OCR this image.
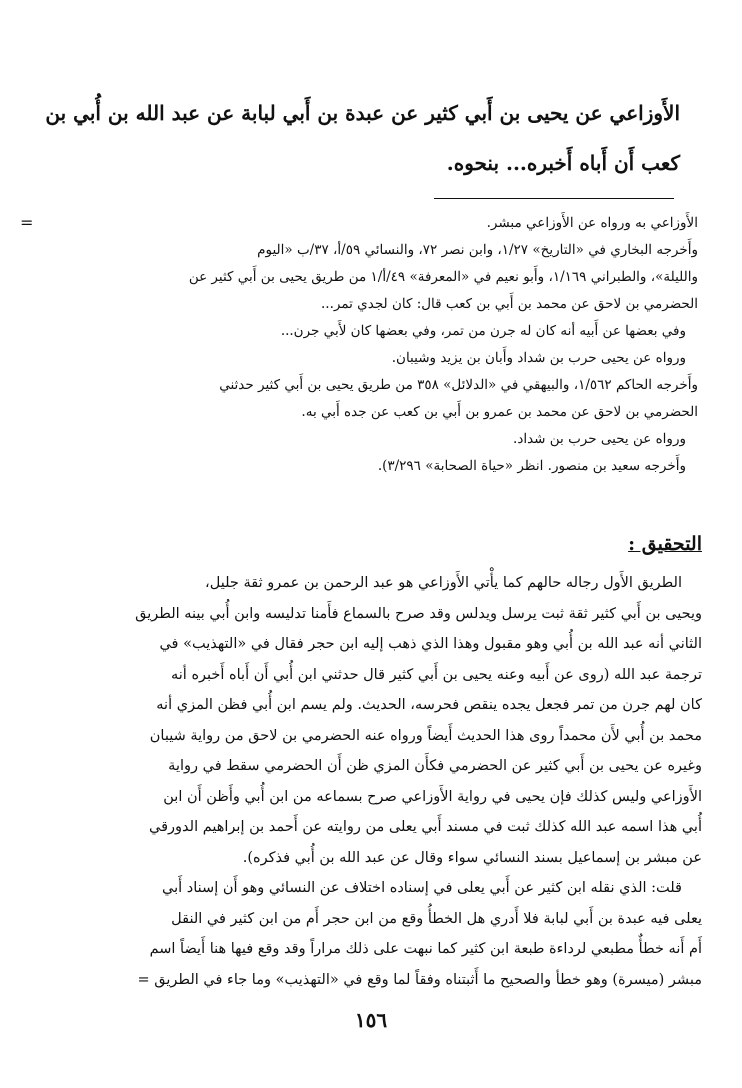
الأَوزاعي عن يحيى بن أَبي كثير عن عبدة بن أَبي لبابة عن عبد الله بن أُبي بن
كعب أَن أَباه أَخبره... بنحوه.

=	الأَوزاعي به ورواه عن الأَوزاعي مبشر.
وأَخرجه البخاري في «التاريخ» ١/٢٧، وابن نصر ٧٢، والنسائي ٥٩/أ، ٣٧/ب «اليوم
والليلة»، والطبراني ١/١٦٩، وأَبو نعيم في «المعرفة» ٤٩/أ/١ من طريق يحيى بن أَبي كثير عن
الحضرمي بن لاحق عن محمد بن أَبي بن كعب قال: كان لجدي تمر...
وفي بعضها عن أَبيه أنه كان له جرن من تمر، وفي بعضها كان لأَبي جرن...
ورواه عن يحيى حرب بن شداد وأَبان بن يزيد وشيبان.
وأَخرجه الحاكم ١/٥٦٢، والبيهقي في «الدلائل» ٣٥٨ من طريق يحيى بن أَبي كثير حدثني
الحضرمي بن لاحق عن محمد بن عمرو بن أَبي بن كعب عن جده أَبي به.
ورواه عن يحيى حرب بن شداد.
وأَخرجه سعيد بن منصور. انظر «حياة الصحابة» ٣/٢٩٦).

التحقيق :

الطريق الأَول رجاله حالهم كما يأْتي الأَوزاعي هو عبد الرحمن بن عمرو ثقة جليل،
ويحيى بن أَبي كثير ثقة ثبت يرسل ويدلس وقد صرح بالسماع فأَمنا تدليسه وابن أُبي بينه الطريق
الثاني أنه عبد الله بن أُبي وهو مقبول وهذا الذي ذهب إليه ابن حجر فقال في «التهذيب» في
ترجمة عبد الله (روى عن أَبيه وعنه يحيى بن أَبي كثير قال حدثني ابن أُبي أَن أَباه أَخبره أنه
كان لهم جرن من تمر فجعل يجده ينقص فحرسه، الحديث. ولم يسم ابن أُبي فظن المزي أنه
محمد بن أُبي لأَن محمداً روى هذا الحديث أَيضاً ورواه عنه الحضرمي بن لاحق من رواية شيبان
وغيره عن يحيى بن أَبي كثير عن الحضرمي فكأَن المزي ظن أَن الحضرمي سقط في رواية
الأَوزاعي وليس كذلك فإن يحيى في رواية الأَوزاعي صرح بسماعه من ابن أُبي وأَظن أَن ابن
أُبي هذا اسمه عبد الله كذلك ثبت في مسند أَبي يعلى من روايته عن أَحمد بن إبراهيم الدورقي
عن مبشر بن إسماعيل بسند النسائي سواء وقال عن عبد الله بن أُبي فذكره).
قلت: الذي نقله ابن كثير عن أَبي يعلى في إسناده اختلاف عن النسائي وهو أَن إسناد أَبي
يعلى فيه عبدة بن أَبي لبابة فلا أَدري هل الخطأُ وقع من ابن حجر أَم من ابن كثير في النقل
أَم أَنه خطأٌ مطبعي لرداءة طبعة ابن كثير كما نبهت على ذلك مراراً وقد وقع فيها هنا أَيضاً اسم
مبشر (ميسرة) وهو خطأ والصحيح ما أَثبتناه وفقاً لما وقع في «التهذيب» وما جاء في الطريق =

١٥٦
